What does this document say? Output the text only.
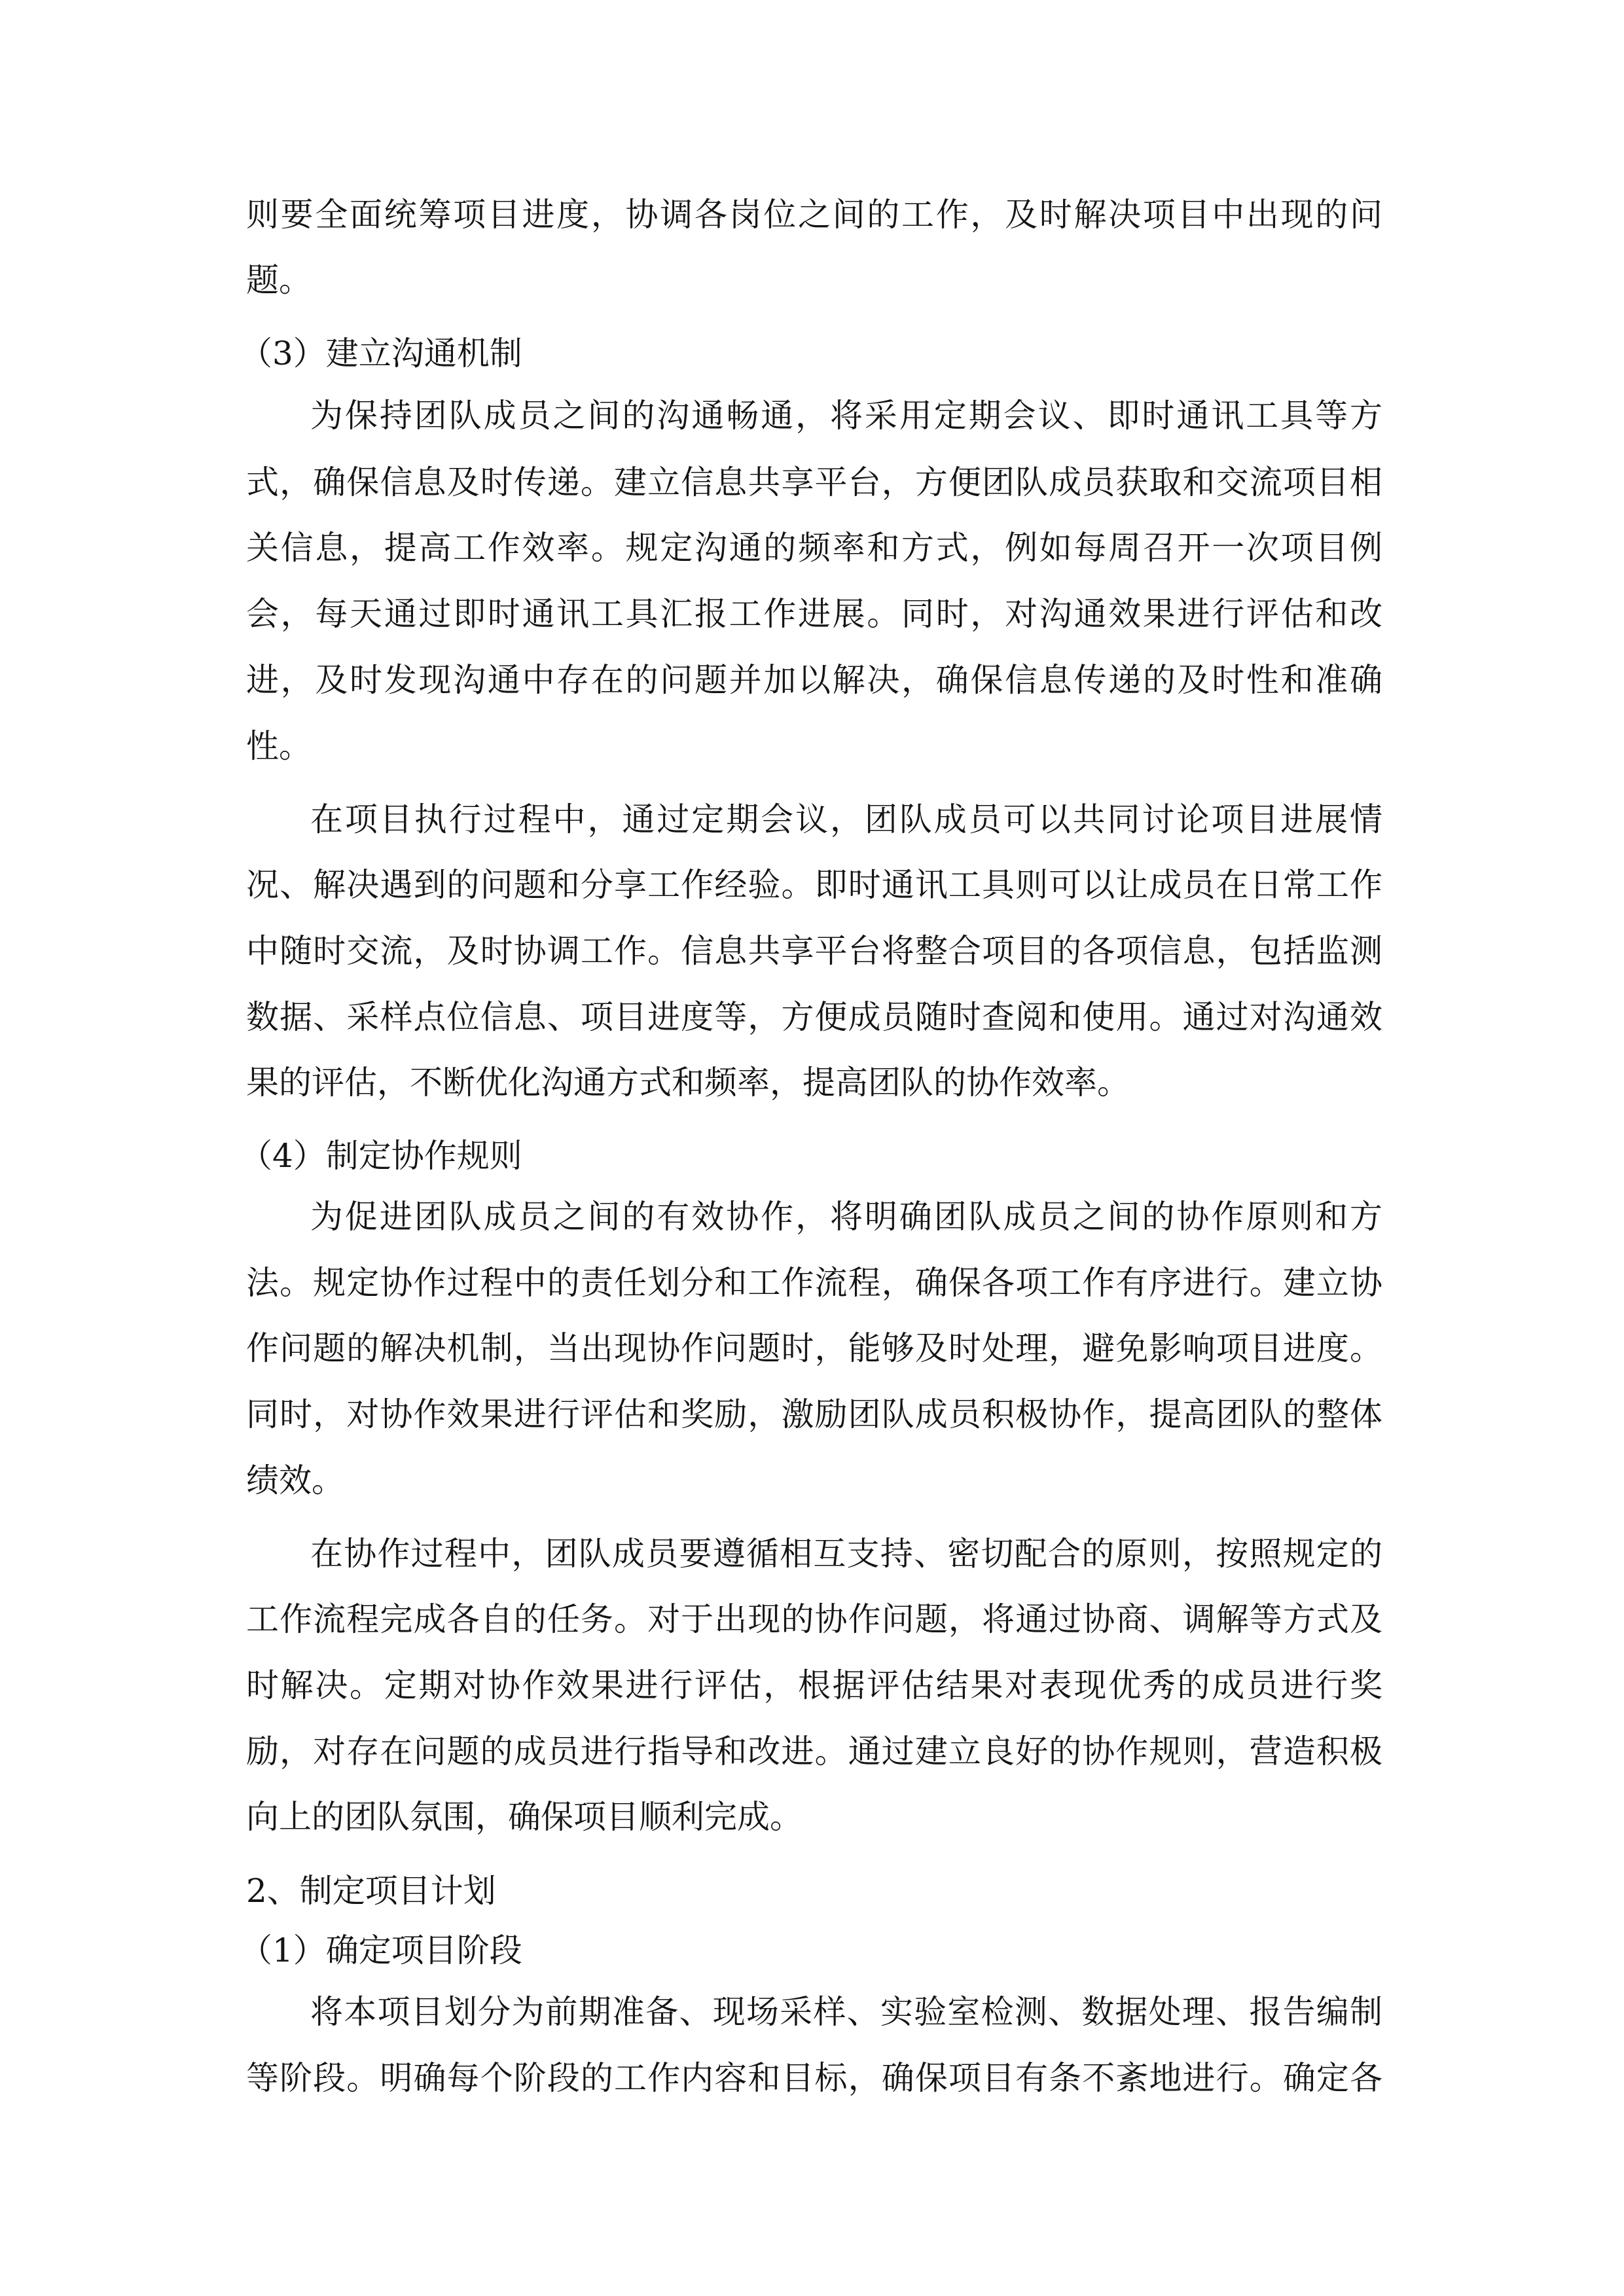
则要全面统筹项目进度，协调各岗位之间的工作，及时解决项目中出现的问

题。

（3）建立沟通机制

为保持团队成员之间的沟通畅通，将采用定期会议、即时通讯工具等方

式，确保信息及时传递。建立信息共享平台，方便团队成员获取和交流项目相

关信息，提高工作效率。规定沟通的频率和方式，例如每周召开一次项目例

会，每天通过即时通讯工具汇报工作进展。同时，对沟通效果进行评估和改

进，及时发现沟通中存在的问题并加以解决，确保信息传递的及时性和准确

性。

在项目执行过程中，通过定期会议，团队成员可以共同讨论项目进展情

况、解决遇到的问题和分享工作经验。即时通讯工具则可以让成员在日常工作

中随时交流，及时协调工作。信息共享平台将整合项目的各项信息，包括监测

数据、采样点位信息、项目进度等，方便成员随时查阅和使用。通过对沟通效

果的评估，不断优化沟通方式和频率，提高团队的协作效率。

（4）制定协作规则

为促进团队成员之间的有效协作，将明确团队成员之间的协作原则和方

法。规定协作过程中的责任划分和工作流程，确保各项工作有序进行。建立协

作问题的解决机制，当出现协作问题时，能够及时处理，避免影响项目进度。

同时，对协作效果进行评估和奖励，激励团队成员积极协作，提高团队的整体

绩效。

在协作过程中，团队成员要遵循相互支持、密切配合的原则，按照规定的

工作流程完成各自的任务。对于出现的协作问题，将通过协商、调解等方式及

时解决。定期对协作效果进行评估，根据评估结果对表现优秀的成员进行奖

励，对存在问题的成员进行指导和改进。通过建立良好的协作规则，营造积极

向上的团队氛围，确保项目顺利完成。

2、制定项目计划

（1）确定项目阶段

将本项目划分为前期准备、现场采样、实验室检测、数据处理、报告编制

等阶段。明确每个阶段的工作内容和目标，确保项目有条不紊地进行。确定各
